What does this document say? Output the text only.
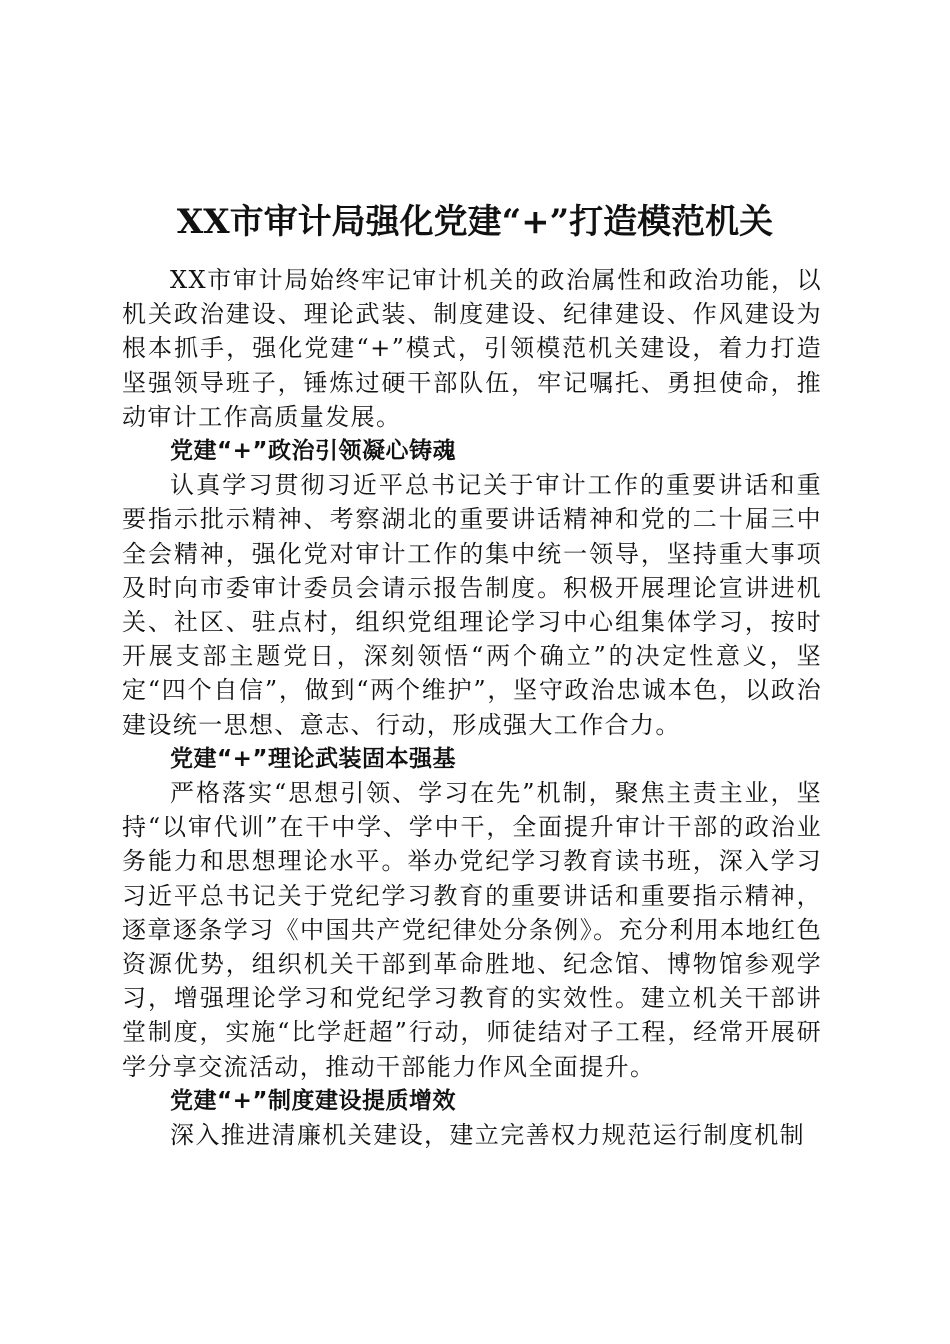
XX市审计局强化党建“+”打造模范机关

XX市审计局始终牢记审计机关的政治属性和政治功能，以机关政治建设、理论武装、制度建设、纪律建设、作风建设为根本抓手，强化党建“+”模式，引领模范机关建设，着力打造坚强领导班子，锤炼过硬干部队伍，牢记嘱托、勇担使命，推动审计工作高质量发展。

党建“+”政治引领凝心铸魂

认真学习贯彻习近平总书记关于审计工作的重要讲话和重要指示批示精神、考察湖北的重要讲话精神和党的二十届三中全会精神，强化党对审计工作的集中统一领导，坚持重大事项及时向市委审计委员会请示报告制度。积极开展理论宣讲进机关、社区、驻点村，组织党组理论学习中心组集体学习，按时开展支部主题党日，深刻领悟“两个确立”的决定性意义，坚定“四个自信”，做到“两个维护”，坚守政治忠诚本色，以政治建设统一思想、意志、行动，形成强大工作合力。

党建“+”理论武装固本强基

严格落实“思想引领、学习在先”机制，聚焦主责主业，坚持“以审代训”在干中学、学中干，全面提升审计干部的政治业务能力和思想理论水平。举办党纪学习教育读书班，深入学习习近平总书记关于党纪学习教育的重要讲话和重要指示精神，逐章逐条学习《中国共产党纪律处分条例》。充分利用本地红色资源优势，组织机关干部到革命胜地、纪念馆、博物馆参观学习，增强理论学习和党纪学习教育的实效性。建立机关干部讲堂制度，实施“比学赶超”行动，师徒结对子工程，经常开展研学分享交流活动，推动干部能力作风全面提升。

党建“+”制度建设提质增效

深入推进清廉机关建设，建立完善权力规范运行制度机制
